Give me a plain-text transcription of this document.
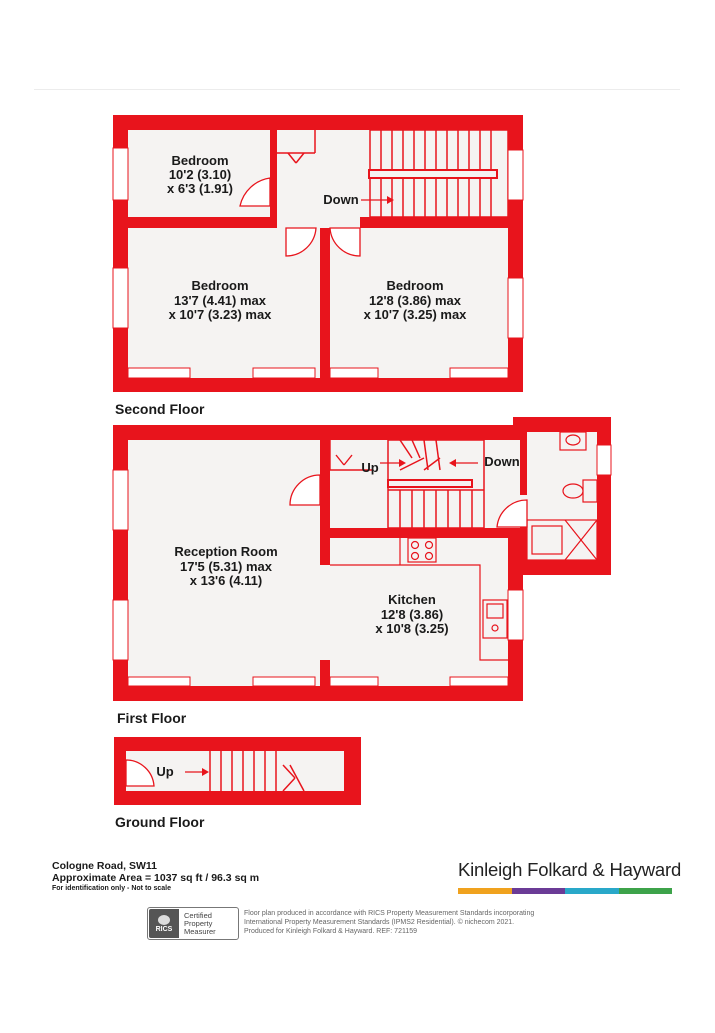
Bedroom
10'2 (3.10)
x 6'3 (1.91)
Bedroom
13'7 (4.41) max
x 10'7 (3.23) max
Bedroom
12'8 (3.86) max
x 10'7 (3.25) max
Down
Reception Room
17'5 (5.31) max
x 13'6 (4.11)
Kitchen
12'8 (3.86)
x 10'8 (3.25)
Up	Down
Up
Second Floor
First Floor
Ground Floor
Cologne Road, SW11
Approximate Area = 1037 sq ft / 96.3 sq m
For identification only - Not to scale
Kinleigh Folkard & Hayward
RICS
Certified
Property
Measurer
Floor plan produced in accordance with RICS Property Measurement Standards incorporating
International Property Measurement Standards (IPMS2 Residential). © nichecom 2021.
Produced for Kinleigh Folkard & Hayward. REF: 721159
